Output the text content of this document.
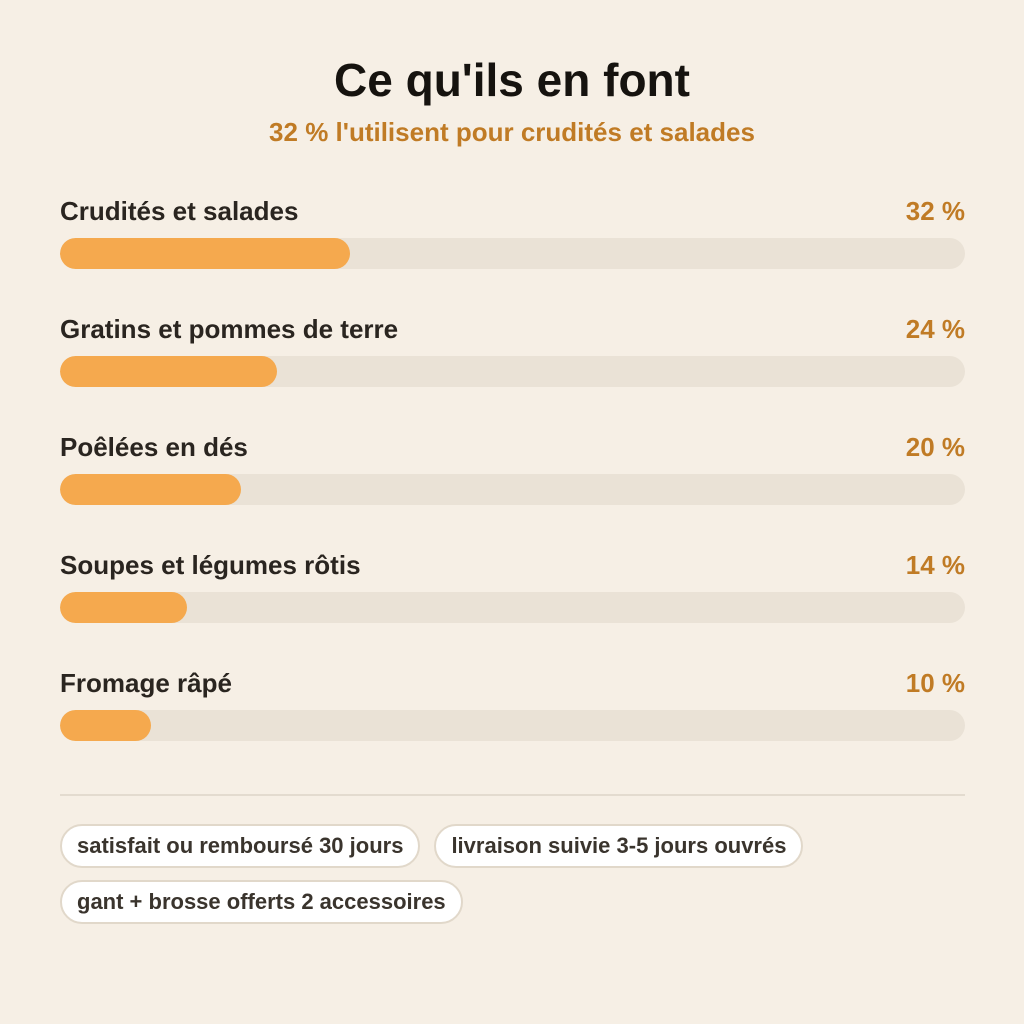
Ce qu'ils en font
32 % l'utilisent pour crudités et salades
Crudités et salades	32 %
Gratins et pommes de terre	24 %
Poêlées en dés	20 %
Soupes et légumes rôtis	14 %
Fromage râpé	10 %
satisfait ou remboursé 30 jours	livraison suivie 3-5 jours ouvrés
gant + brosse offerts 2 accessoires
